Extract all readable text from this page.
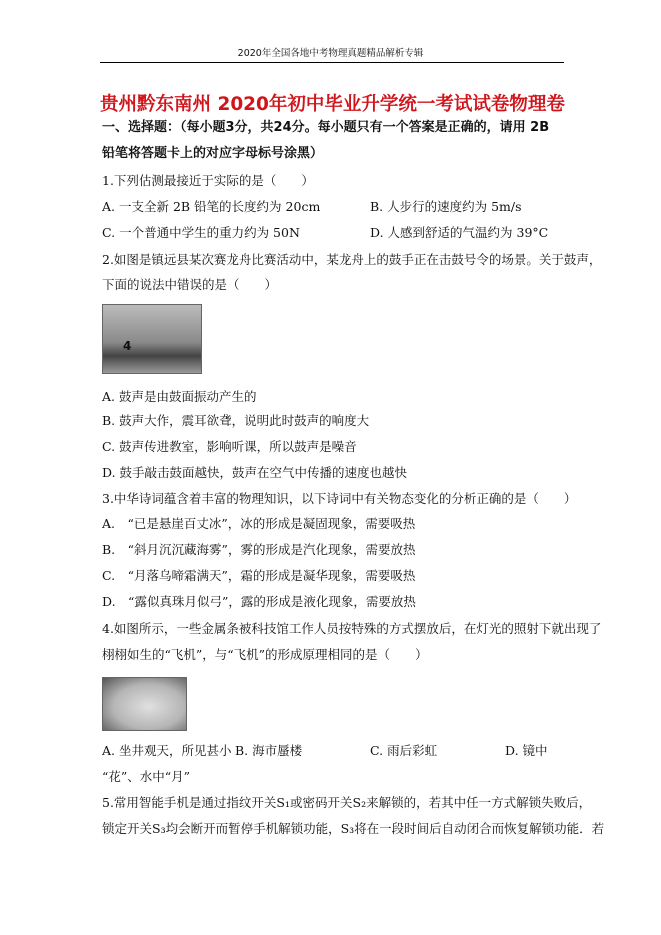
2020年全国各地中考物理真题精品解析专辑
贵州黔东南州 2020年初中毕业升学统一考试试卷物理卷
一、选择题：（每小题3分，共24分。每小题只有一个答案是正确的，请用 2B
铅笔将答题卡上的对应字母标号涂黑）
1.下列估测最接近于实际的是（　　）
A. 一支全新 2B 铅笔的长度约为 20cm	B. 人步行的速度约为 5m/s
C. 一个普通中学生的重力约为 50N	D. 人感到舒适的气温约为 39°C
2.如图是镇远县某次赛龙舟比赛活动中，某龙舟上的鼓手正在击鼓号令的场景。关于鼓声，
下面的说法中错误的是（　　）
4
A. 鼓声是由鼓面振动产生的
B. 鼓声大作，震耳欲聋，说明此时鼓声的响度大
C. 鼓声传进教室，影响听课，所以鼓声是噪音
D. 鼓手敲击鼓面越快，鼓声在空气中传播的速度也越快
3.中华诗词蕴含着丰富的物理知识，以下诗词中有关物态变化的分析正确的是（　　）
A.　“已是悬崖百丈冰”，冰的形成是凝固现象，需要吸热
B.　“斜月沉沉藏海雾”，雾的形成是汽化现象，需要放热
C.　“月落乌啼霜满天”，霜的形成是凝华现象，需要吸热
D.　“露似真珠月似弓”，露的形成是液化现象，需要放热
4.如图所示，一些金属条被科技馆工作人员按特殊的方式摆放后，在灯光的照射下就出现了
栩栩如生的“飞机”，与“飞机”的形成原理相同的是（　　）
A. 坐井观天，所见甚小 B. 海市蜃楼	C. 雨后彩虹	D. 镜中
“花”、水中“月”
5.常用智能手机是通过指纹开关S₁或密码开关S₂来解锁的，若其中任一方式解锁失败后，
锁定开关S₃均会断开而暂停手机解锁功能，S₃将在一段时间后自动闭合而恢复解锁功能．若
